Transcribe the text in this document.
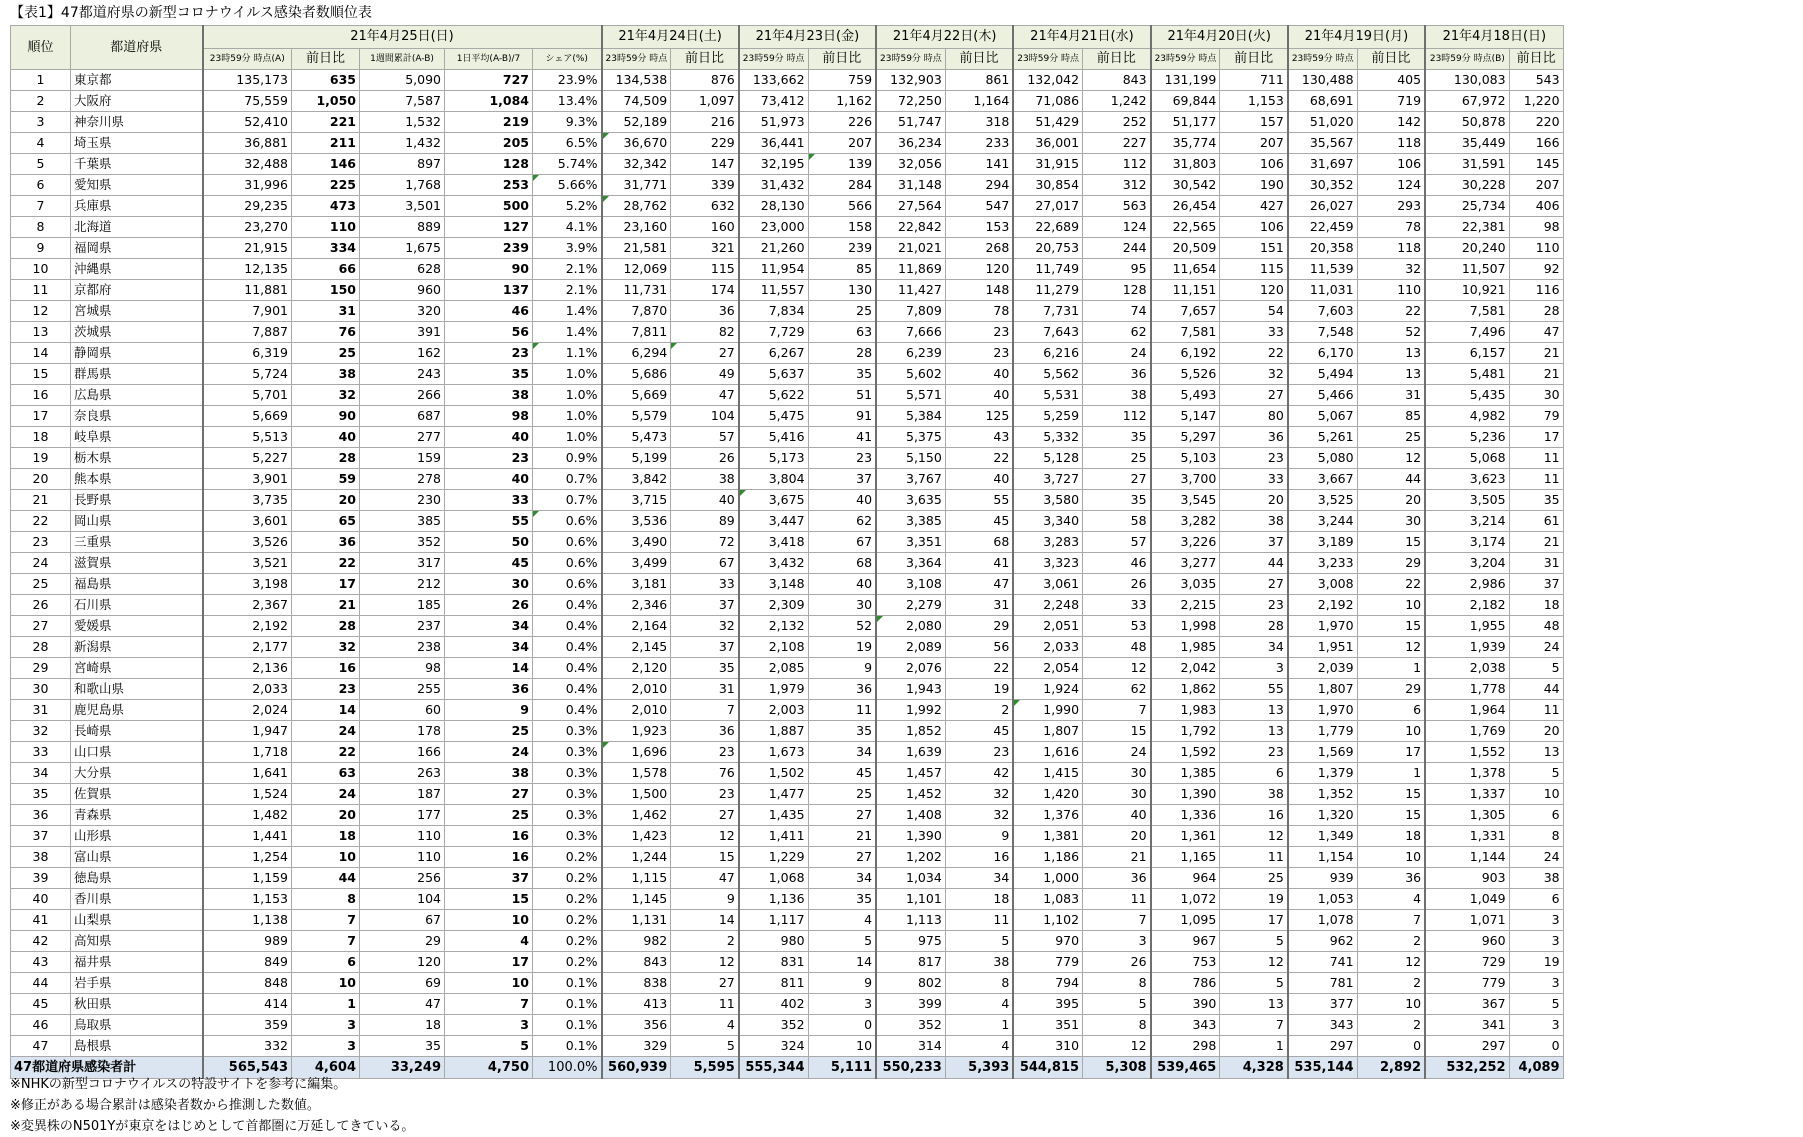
【表1】47都道府県の新型コロナウイルス感染者数順位表
順位	都道府県	21年4月25日(日)					21年4月24日(土)		21年4月23日(金)		21年4月22日(木)		21年4月21日(水)		21年4月20日(火)		21年4月19日(月)		21年4月18日(日)	
		23時59分 時点(A)	前日比	1週間累計(A-B)	1日平均(A-B)/7	シェア(%)	23時59分 時点	前日比	23時59分 時点	前日比	23時59分 時点	前日比	23時59分 時点	前日比	23時59分 時点	前日比	23時59分 時点	前日比	23時59分 時点(B)	前日比
1	東京都	135,173	635	5,090	727	23.9%	134,538	876	133,662	759	132,903	861	132,042	843	131,199	711	130,488	405	130,083	543
2	大阪府	75,559	1,050	7,587	1,084	13.4%	74,509	1,097	73,412	1,162	72,250	1,164	71,086	1,242	69,844	1,153	68,691	719	67,972	1,220
3	神奈川県	52,410	221	1,532	219	9.3%	52,189	216	51,973	226	51,747	318	51,429	252	51,177	157	51,020	142	50,878	220
4	埼玉県	36,881	211	1,432	205	6.5%	36,670	229	36,441	207	36,234	233	36,001	227	35,774	207	35,567	118	35,449	166
5	千葉県	32,488	146	897	128	5.74%	32,342	147	32,195	139	32,056	141	31,915	112	31,803	106	31,697	106	31,591	145
6	愛知県	31,996	225	1,768	253	5.66%	31,771	339	31,432	284	31,148	294	30,854	312	30,542	190	30,352	124	30,228	207
7	兵庫県	29,235	473	3,501	500	5.2%	28,762	632	28,130	566	27,564	547	27,017	563	26,454	427	26,027	293	25,734	406
8	北海道	23,270	110	889	127	4.1%	23,160	160	23,000	158	22,842	153	22,689	124	22,565	106	22,459	78	22,381	98
9	福岡県	21,915	334	1,675	239	3.9%	21,581	321	21,260	239	21,021	268	20,753	244	20,509	151	20,358	118	20,240	110
10	沖縄県	12,135	66	628	90	2.1%	12,069	115	11,954	85	11,869	120	11,749	95	11,654	115	11,539	32	11,507	92
11	京都府	11,881	150	960	137	2.1%	11,731	174	11,557	130	11,427	148	11,279	128	11,151	120	11,031	110	10,921	116
12	宮城県	7,901	31	320	46	1.4%	7,870	36	7,834	25	7,809	78	7,731	74	7,657	54	7,603	22	7,581	28
13	茨城県	7,887	76	391	56	1.4%	7,811	82	7,729	63	7,666	23	7,643	62	7,581	33	7,548	52	7,496	47
14	静岡県	6,319	25	162	23	1.1%	6,294	27	6,267	28	6,239	23	6,216	24	6,192	22	6,170	13	6,157	21
15	群馬県	5,724	38	243	35	1.0%	5,686	49	5,637	35	5,602	40	5,562	36	5,526	32	5,494	13	5,481	21
16	広島県	5,701	32	266	38	1.0%	5,669	47	5,622	51	5,571	40	5,531	38	5,493	27	5,466	31	5,435	30
17	奈良県	5,669	90	687	98	1.0%	5,579	104	5,475	91	5,384	125	5,259	112	5,147	80	5,067	85	4,982	79
18	岐阜県	5,513	40	277	40	1.0%	5,473	57	5,416	41	5,375	43	5,332	35	5,297	36	5,261	25	5,236	17
19	栃木県	5,227	28	159	23	0.9%	5,199	26	5,173	23	5,150	22	5,128	25	5,103	23	5,080	12	5,068	11
20	熊本県	3,901	59	278	40	0.7%	3,842	38	3,804	37	3,767	40	3,727	27	3,700	33	3,667	44	3,623	11
21	長野県	3,735	20	230	33	0.7%	3,715	40	3,675	40	3,635	55	3,580	35	3,545	20	3,525	20	3,505	35
22	岡山県	3,601	65	385	55	0.6%	3,536	89	3,447	62	3,385	45	3,340	58	3,282	38	3,244	30	3,214	61
23	三重県	3,526	36	352	50	0.6%	3,490	72	3,418	67	3,351	68	3,283	57	3,226	37	3,189	15	3,174	21
24	滋賀県	3,521	22	317	45	0.6%	3,499	67	3,432	68	3,364	41	3,323	46	3,277	44	3,233	29	3,204	31
25	福島県	3,198	17	212	30	0.6%	3,181	33	3,148	40	3,108	47	3,061	26	3,035	27	3,008	22	2,986	37
26	石川県	2,367	21	185	26	0.4%	2,346	37	2,309	30	2,279	31	2,248	33	2,215	23	2,192	10	2,182	18
27	愛媛県	2,192	28	237	34	0.4%	2,164	32	2,132	52	2,080	29	2,051	53	1,998	28	1,970	15	1,955	48
28	新潟県	2,177	32	238	34	0.4%	2,145	37	2,108	19	2,089	56	2,033	48	1,985	34	1,951	12	1,939	24
29	宮崎県	2,136	16	98	14	0.4%	2,120	35	2,085	9	2,076	22	2,054	12	2,042	3	2,039	1	2,038	5
30	和歌山県	2,033	23	255	36	0.4%	2,010	31	1,979	36	1,943	19	1,924	62	1,862	55	1,807	29	1,778	44
31	鹿児島県	2,024	14	60	9	0.4%	2,010	7	2,003	11	1,992	2	1,990	7	1,983	13	1,970	6	1,964	11
32	長崎県	1,947	24	178	25	0.3%	1,923	36	1,887	35	1,852	45	1,807	15	1,792	13	1,779	10	1,769	20
33	山口県	1,718	22	166	24	0.3%	1,696	23	1,673	34	1,639	23	1,616	24	1,592	23	1,569	17	1,552	13
34	大分県	1,641	63	263	38	0.3%	1,578	76	1,502	45	1,457	42	1,415	30	1,385	6	1,379	1	1,378	5
35	佐賀県	1,524	24	187	27	0.3%	1,500	23	1,477	25	1,452	32	1,420	30	1,390	38	1,352	15	1,337	10
36	青森県	1,482	20	177	25	0.3%	1,462	27	1,435	27	1,408	32	1,376	40	1,336	16	1,320	15	1,305	6
37	山形県	1,441	18	110	16	0.3%	1,423	12	1,411	21	1,390	9	1,381	20	1,361	12	1,349	18	1,331	8
38	富山県	1,254	10	110	16	0.2%	1,244	15	1,229	27	1,202	16	1,186	21	1,165	11	1,154	10	1,144	24
39	徳島県	1,159	44	256	37	0.2%	1,115	47	1,068	34	1,034	34	1,000	36	964	25	939	36	903	38
40	香川県	1,153	8	104	15	0.2%	1,145	9	1,136	35	1,101	18	1,083	11	1,072	19	1,053	4	1,049	6
41	山梨県	1,138	7	67	10	0.2%	1,131	14	1,117	4	1,113	11	1,102	7	1,095	17	1,078	7	1,071	3
42	高知県	989	7	29	4	0.2%	982	2	980	5	975	5	970	3	967	5	962	2	960	3
43	福井県	849	6	120	17	0.2%	843	12	831	14	817	38	779	26	753	12	741	12	729	19
44	岩手県	848	10	69	10	0.1%	838	27	811	9	802	8	794	8	786	5	781	2	779	3
45	秋田県	414	1	47	7	0.1%	413	11	402	3	399	4	395	5	390	13	377	10	367	5
46	鳥取県	359	3	18	3	0.1%	356	4	352	0	352	1	351	8	343	7	343	2	341	3
47	島根県	332	3	35	5	0.1%	329	5	324	10	314	4	310	12	298	1	297	0	297	0
47都道府県感染者計		565,543	4,604	33,249	4,750	100.0%	560,939	5,595	555,344	5,111	550,233	5,393	544,815	5,308	539,465	4,328	535,144	2,892	532,252	4,089
※NHKの新型コロナウイルスの特設サイトを参考に編集。
※修正がある場合累計は感染者数から推測した数値。
※変異株のN501Yが東京をはじめとして首都圏に万延してきている。
